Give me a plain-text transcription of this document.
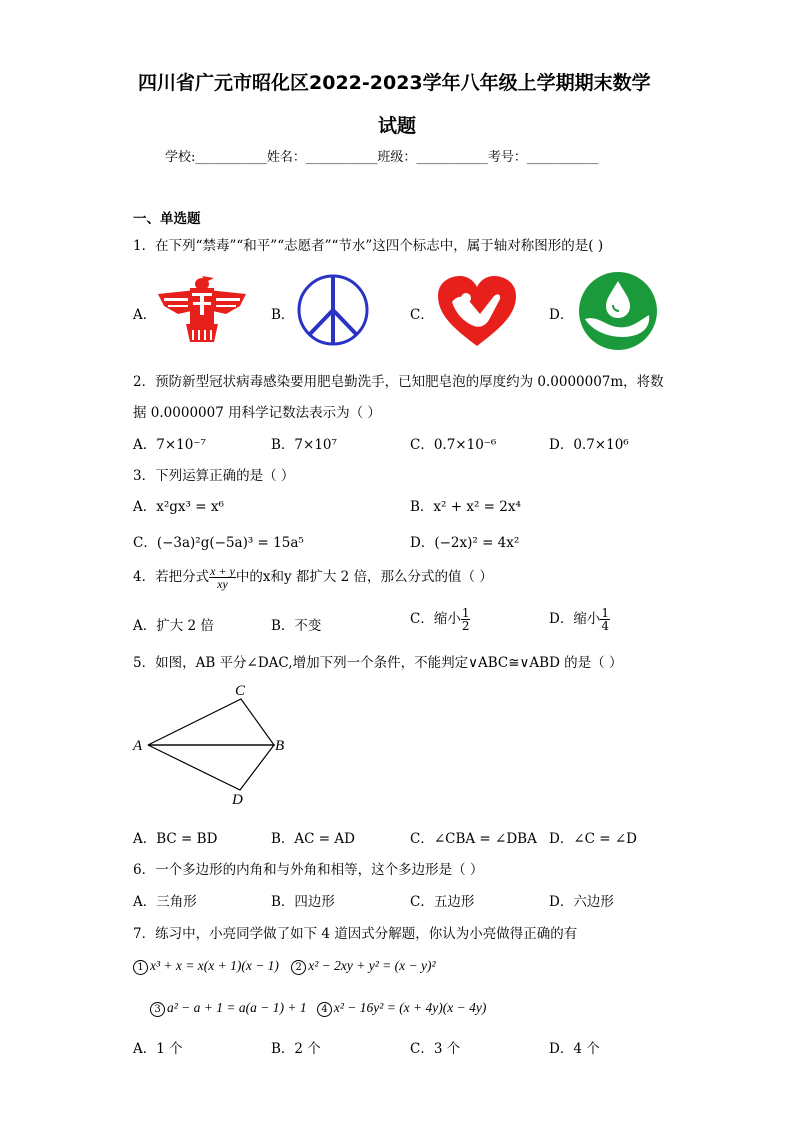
四川省广元市昭化区2022-2023学年八年级上学期期末数学
试题
学校:___________姓名：___________班级：___________考号：___________
一、单选题
1．在下列“禁毒”“和平”“志愿者”“节水”这四个标志中，属于轴对称图形的是( )
A．	B．	C．	D．
2．预防新型冠状病毒感染要用肥皂勤洗手，已知肥皂泡的厚度约为 0.0000007m，将数
据 0.0000007 用科学记数法表示为（ ）
A．7×10⁻⁷	B．7×10⁷	C．0.7×10⁻⁶	D．0.7×10⁶
3．下列运算正确的是（ ）
A．x²gx³ = x⁶	B．x² + x² = 2x⁴
C．(−3a)²g(−5a)³ = 15a⁵	D．(−2x)² = 4x²
4．若把分式 $\frac{x + y}{xy}$ 中的x和y 都扩大 2 倍，那么分式的值（ ）
A．扩大 2 倍	B．不变	C．缩小 $\frac{1}{2}$	D．缩小 $\frac{1}{4}$
5．如图，AB 平分∠DAC,增加下列一个条件，不能判定∨ABC≅∨ABD 的是（ ）
C
A	B
D
A．BC = BD	B．AC = AD	C．∠CBA = ∠DBA D．∠C = ∠D
6．一个多边形的内角和与外角和相等，这个多边形是（ ）
A．三角形	B．四边形	C．五边形	D．六边形
7．练习中，小亮同学做了如下 4 道因式分解题，你认为小亮做得正确的有
1 x³ + x = x(x + 1)(x − 1) 2 x² − 2xy + y² = (x − y)²
3 a² − a + 1 = a(a − 1) + 1 4 x² − 16y² = (x + 4y)(x − 4y)
A．1 个	B．2 个	C．3 个	D．4 个
